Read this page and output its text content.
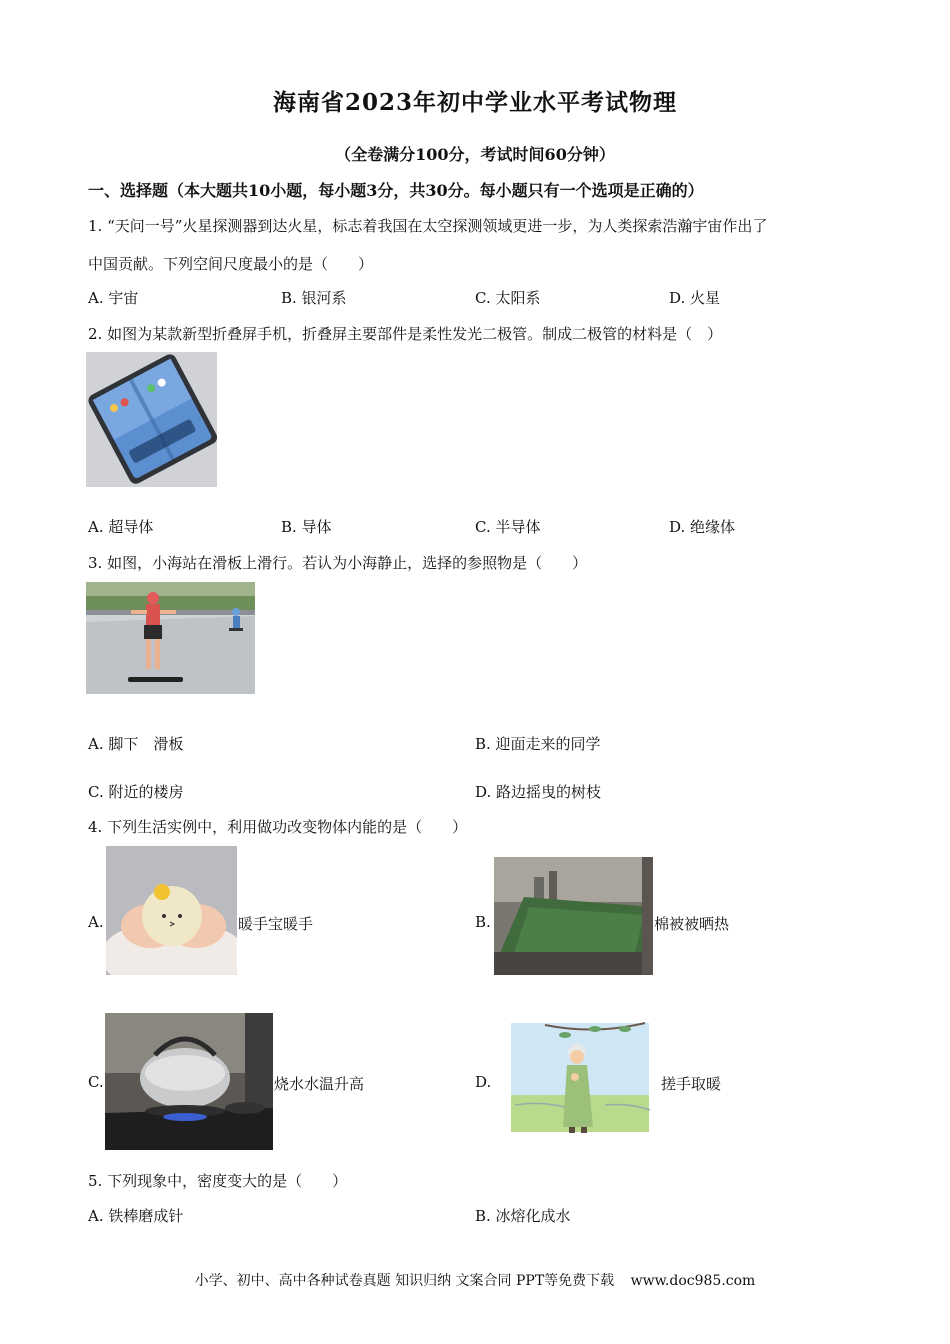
海南省2023年初中学业水平考试物理
（全卷满分100分，考试时间60分钟）
一、选择题（本大题共10小题，每小题3分，共30分。每小题只有一个选项是正确的）
1. “天问一号”火星探测器到达火星，标志着我国在太空探测领域更进一步，为人类探索浩瀚宇宙作出了
中国贡献。下列空间尺度最小的是（　　）
A. 宇宙	B. 银河系	C. 太阳系	D. 火星
2. 如图为某款新型折叠屏手机，折叠屏主要部件是柔性发光二极管。制成二极管的材料是（　）
A. 超导体	B. 导体	C. 半导体	D. 绝缘体
3. 如图，小海站在滑板上滑行。若认为小海静止，选择的参照物是（　　）
A. 脚下　滑板	B. 迎面走来的同学
C. 附近的楼房	D. 路边摇曳的树枝
4. 下列生活实例中，利用做功改变物体内能的是（　　）
A.	暖手宝暖手	B.	棉被被晒热
C.	烧水水温升高	D.	搓手取暖
5. 下列现象中，密度变大的是（　　）
A. 铁棒磨成针	B. 冰熔化成水
小学、初中、高中各种试卷真题 知识归纳 文案合同 PPT等免费下载 www.doc985.com
